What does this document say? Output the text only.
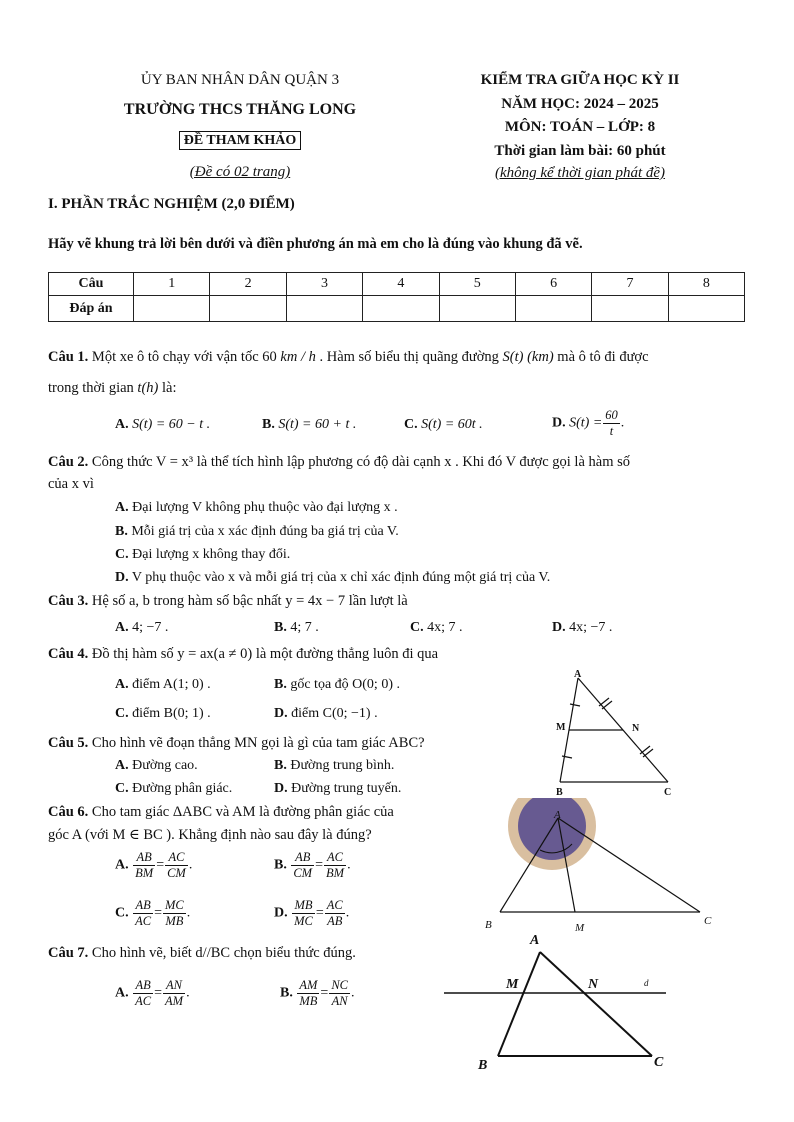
ỦY BAN NHÂN DÂN QUẬN 3
TRƯỜNG THCS THĂNG LONG
ĐỀ THAM KHẢO
(Đề có 02 trang)
KIỂM TRA GIỮA HỌC KỲ II
NĂM HỌC: 2024 – 2025
MÔN: TOÁN – LỚP: 8
Thời gian làm bài: 60 phút
(không kể thời gian phát đề)
I. PHẦN TRẮC NGHIỆM (2,0 ĐIỂM)
Hãy vẽ khung trả lời bên dưới và điền phương án mà em cho là đúng vào khung đã vẽ.
Câu	1	2	3	4	5	6	7	8
Đáp án								
Câu 1. Một xe ô tô chạy với vận tốc 60 km / h . Hàm số biểu thị quãng đường S(t) (km) mà ô tô đi được
trong thời gian t(h) là:
A. S(t) = 60 − t .	B. S(t) = 60 + t .	C. S(t) = 60t .	D. $S(t) = \frac{60}{t}$ .
Câu 2. Công thức V = x³ là thể tích hình lập phương có độ dài cạnh x . Khi đó V được gọi là hàm số
của x vì
A. Đại lượng V không phụ thuộc vào đại lượng x .
B. Mỗi giá trị của x xác định đúng ba giá trị của V.
C. Đại lượng x không thay đổi.
D. V phụ thuộc vào x và mỗi giá trị của x chỉ xác định đúng một giá trị của V.
Câu 3. Hệ số a, b trong hàm số bậc nhất y = 4x − 7 lần lượt là
A. 4; −7 .	B. 4; 7 .	C. 4x; 7 .	D. 4x; −7 .
Câu 4. Đồ thị hàm số y = ax(a ≠ 0) là một đường thẳng luôn đi qua
A. điểm A(1; 0) .	B. gốc tọa độ O(0; 0) .
C. điểm B(0; 1) .	D. điểm C(0; −1) .
Câu 5. Cho hình vẽ đoạn thẳng MN gọi là gì của tam giác ABC?
A. Đường cao.	B. Đường trung bình.
C. Đường phân giác.	D. Đường trung tuyến.
A
M	N
B	C
Câu 6. Cho tam giác ΔABC và AM là đường phân giác của
góc A (với M ∈ BC ). Khẳng định nào sau đây là đúng?
A. $\frac{AB}{BM} = \frac{AC}{CM}$ .	B. $\frac{AB}{CM} = \frac{AC}{BM}$ .
C. $\frac{AB}{AC} = \frac{MC}{MB}$ .	D. $\frac{MB}{MC} = \frac{AC}{AB}$ .
A
B	M
C
Câu 7. Cho hình vẽ, biết d//BC chọn biểu thức đúng.
A. $\frac{AB}{AC} = \frac{AN}{AM}$ .	B. $\frac{AM}{MB} = \frac{NC}{AN}$ .
A
M	N
B	C
d
